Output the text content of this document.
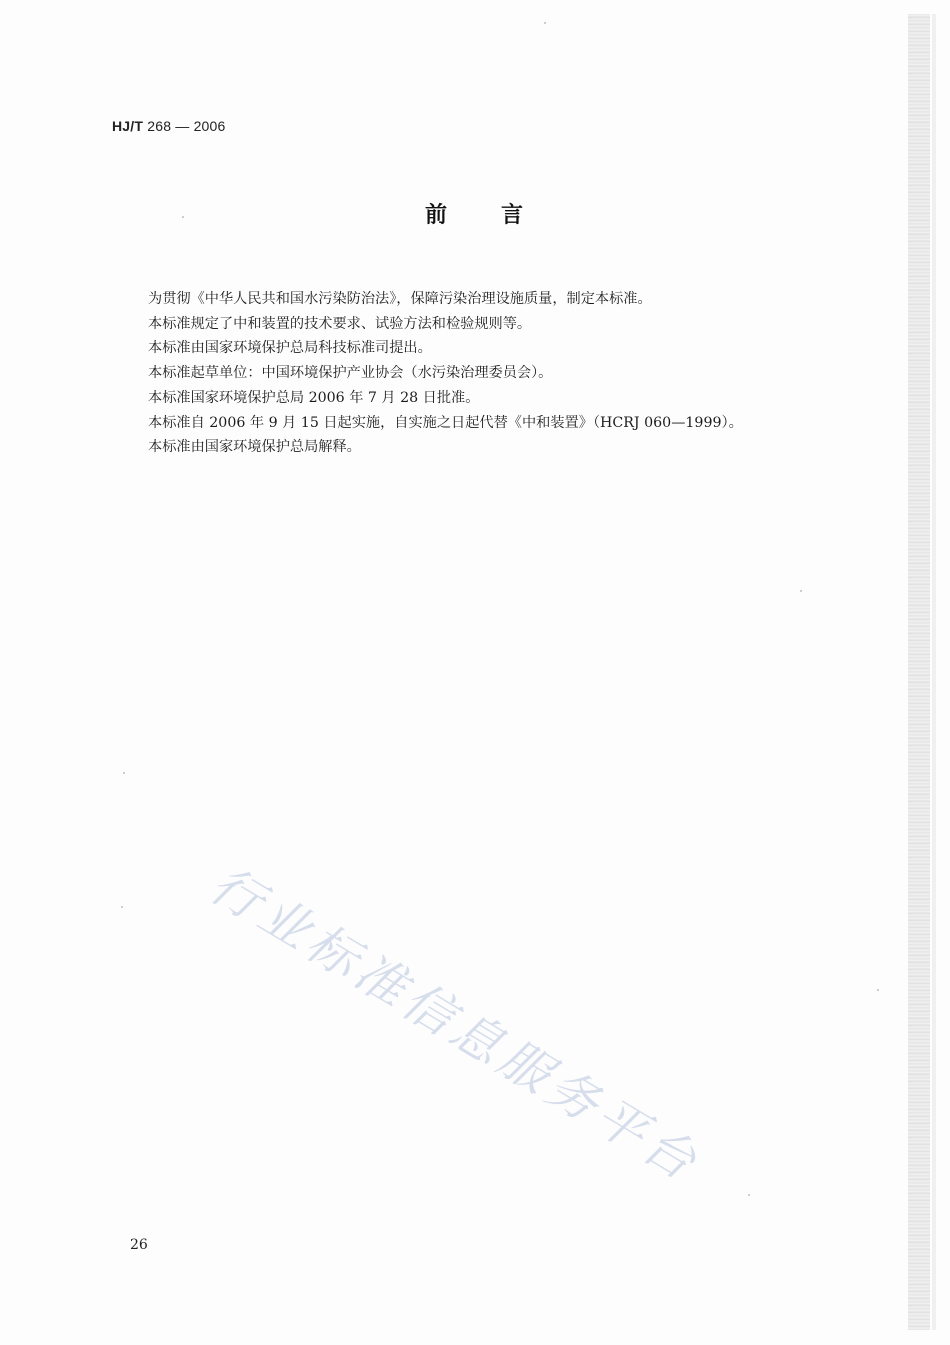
HJ/T 268 — 2006
前 言
为贯彻《中华人民共和国水污染防治法》，保障污染治理设施质量，制定本标准。
本标准规定了中和装置的技术要求、试验方法和检验规则等。
本标准由国家环境保护总局科技标准司提出。
本标准起草单位：中国环境保护产业协会（水污染治理委员会）。
本标准国家环境保护总局 2006 年 7 月 28 日批准。
本标准自 2006 年 9 月 15 日起实施，自实施之日起代替《中和装置》（HCRJ 060—1999）。
本标准由国家环境保护总局解释。
行业标准信息服务平台
26
